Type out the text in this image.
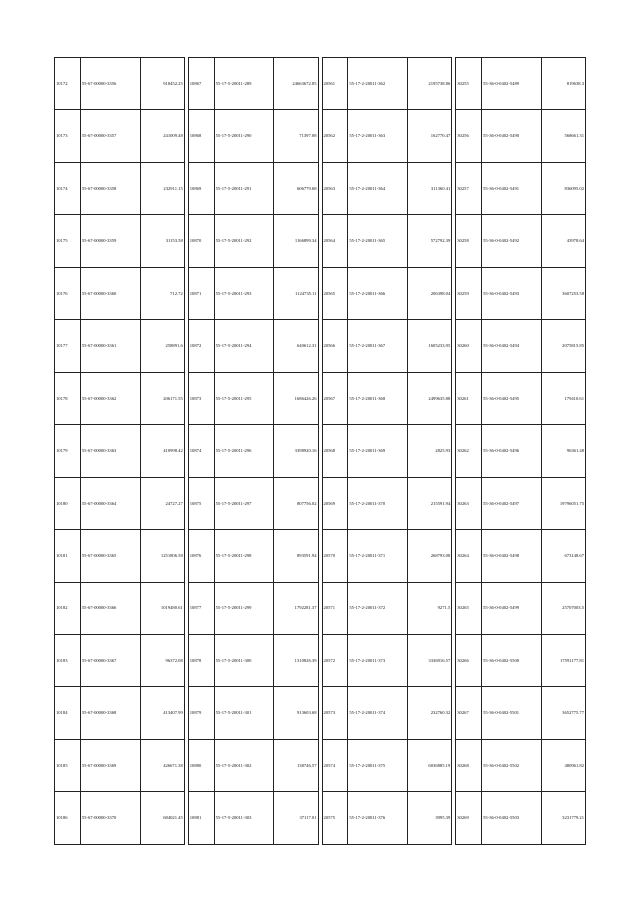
10172	55-67-00000-3356	918452.25
10173	55-67-00000-3357	241009.48
10174	55-67-00000-3358	232911.15
10175	55-67-00000-3359	31153.58
10176	55-67-00000-3360	712.72
10177	55-67-00000-3361	258891.6
10178	55-67-00000-3362	206171.55
10179	55-67-00000-3363	410998.42
10180	55-67-00000-3364	24727.27
10181	55-67-00000-3365	1251806.58
10182	55-67-00000-3366	1019480.61
10183	55-67-00000-3367	96372.08
10184	55-67-00000-3368	413407.99
10185	55-67-00000-3369	426671.38
10186	55-67-00000-3370	684021.45
10867	55-17-5-20011-289	24663672.85
10868	55-17-5-20011-290	71397.08
10869	55-17-5-20011-291	606779.68
10870	55-17-5-20011-292	1166899.34
10871	55-17-5-20011-293	1124735.11
10872	55-17-5-20011-294	640612.31
10873	55-17-5-20011-295	1686426.26
10874	55-17-5-20011-296	3398920.16
10875	55-17-5-20011-297	807756.02
10876	55-17-5-20011-298	893591.94
10877	55-17-5-20011-299	1792281.37
10878	55-17-5-20011-300	1310826.39
10879	55-17-5-20011-301	913603.68
10880	55-17-5-20011-302	138746.57
10881	55-17-5-20011-303	37117.01
20561	55-17-2-20011-362	2195738.86
20562	55-17-2-20011-363	162770.47
20563	55-17-2-20011-364	311360.41
20564	55-17-2-20011-365	572792.39
20565	55-17-2-20011-366	206398.04
20566	55-17-2-20011-367	1605233.95
20567	55-17-2-20011-368	2499635.88
20568	55-17-2-20011-369	2825.93
20569	55-17-2-20011-370	215591.94
20570	55-17-2-20011-371	268793.08
20571	55-17-2-20011-372	9271.5
20572	55-17-2-20011-373	3336916.57
20573	55-17-2-20011-374	232760.32
20574	55-17-2-20011-375	6036885.19
20575	55-17-2-20011-376	3995.39
30255	55-36-0-0402-5489	819638.3
30256	55-36-0-0402-5490	568661.31
30257	55-36-0-0402-5491	836095.02
30258	55-36-0-0402-5492	43978.64
30259	55-36-0-0402-5493	3607253.58
30260	55-36-0-0402-5494	2075815.85
30261	55-36-0-0402-5495	179410.61
30262	55-36-0-0402-5496	96361.48
30263	55-36-0-0402-5497	19796051.75
30264	55-36-0-0402-5498	673148.67
30265	55-36-0-0402-5499	25707003.5
30266	55-36-0-0402-5500	17591177.81
30267	55-36-0-0402-5501	3652775.77
30268	55-36-0-0402-5502	480961.82
30269	55-36-0-0402-5503	3231779.21
